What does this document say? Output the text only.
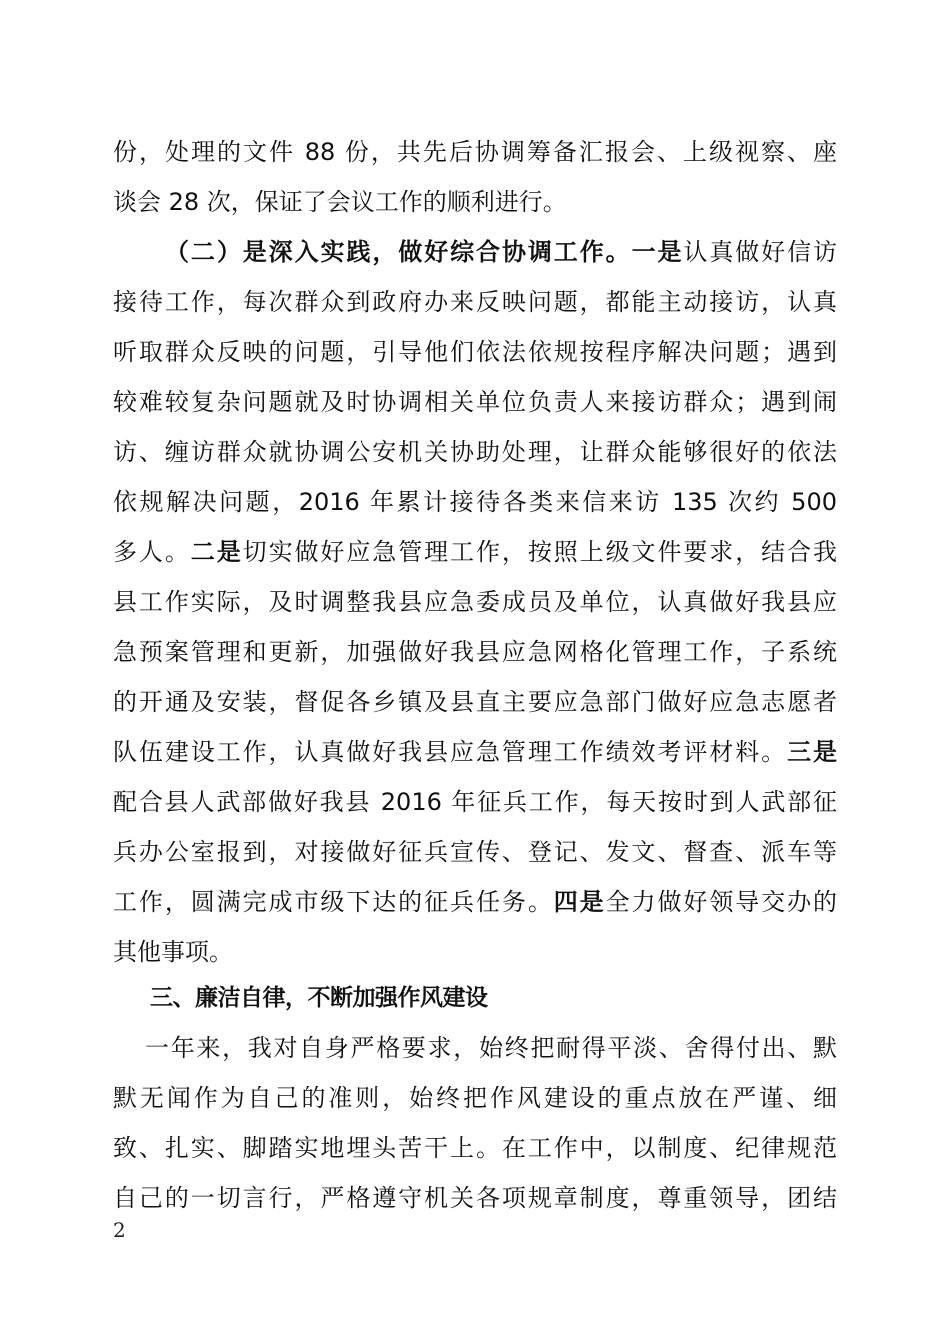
份，处理的文件 88 份，共先后协调筹备汇报会、上级视察、座
谈会 28 次，保证了会议工作的顺利进行。
（二）是深入实践，做好综合协调工作。一是认真做好信访
接待工作，每次群众到政府办来反映问题，都能主动接访，认真
听取群众反映的问题，引导他们依法依规按程序解决问题；遇到
较难较复杂问题就及时协调相关单位负责人来接访群众；遇到闹
访、缠访群众就协调公安机关协助处理，让群众能够很好的依法
依规解决问题，2016 年累计接待各类来信来访 135 次约 500
多人。二是切实做好应急管理工作，按照上级文件要求，结合我
县工作实际，及时调整我县应急委成员及单位，认真做好我县应
急预案管理和更新，加强做好我县应急网格化管理工作，子系统
的开通及安装，督促各乡镇及县直主要应急部门做好应急志愿者
队伍建设工作，认真做好我县应急管理工作绩效考评材料。三是
配合县人武部做好我县 2016 年征兵工作，每天按时到人武部征
兵办公室报到，对接做好征兵宣传、登记、发文、督查、派车等
工作，圆满完成市级下达的征兵任务。四是全力做好领导交办的
其他事项。
三、廉洁自律，不断加强作风建设
一年来，我对自身严格要求，始终把耐得平淡、舍得付出、默
默无闻作为自己的准则，始终把作风建设的重点放在严谨、细
致、扎实、脚踏实地埋头苦干上。在工作中，以制度、纪律规范
自己的一切言行，严格遵守机关各项规章制度，尊重领导，团结
2
